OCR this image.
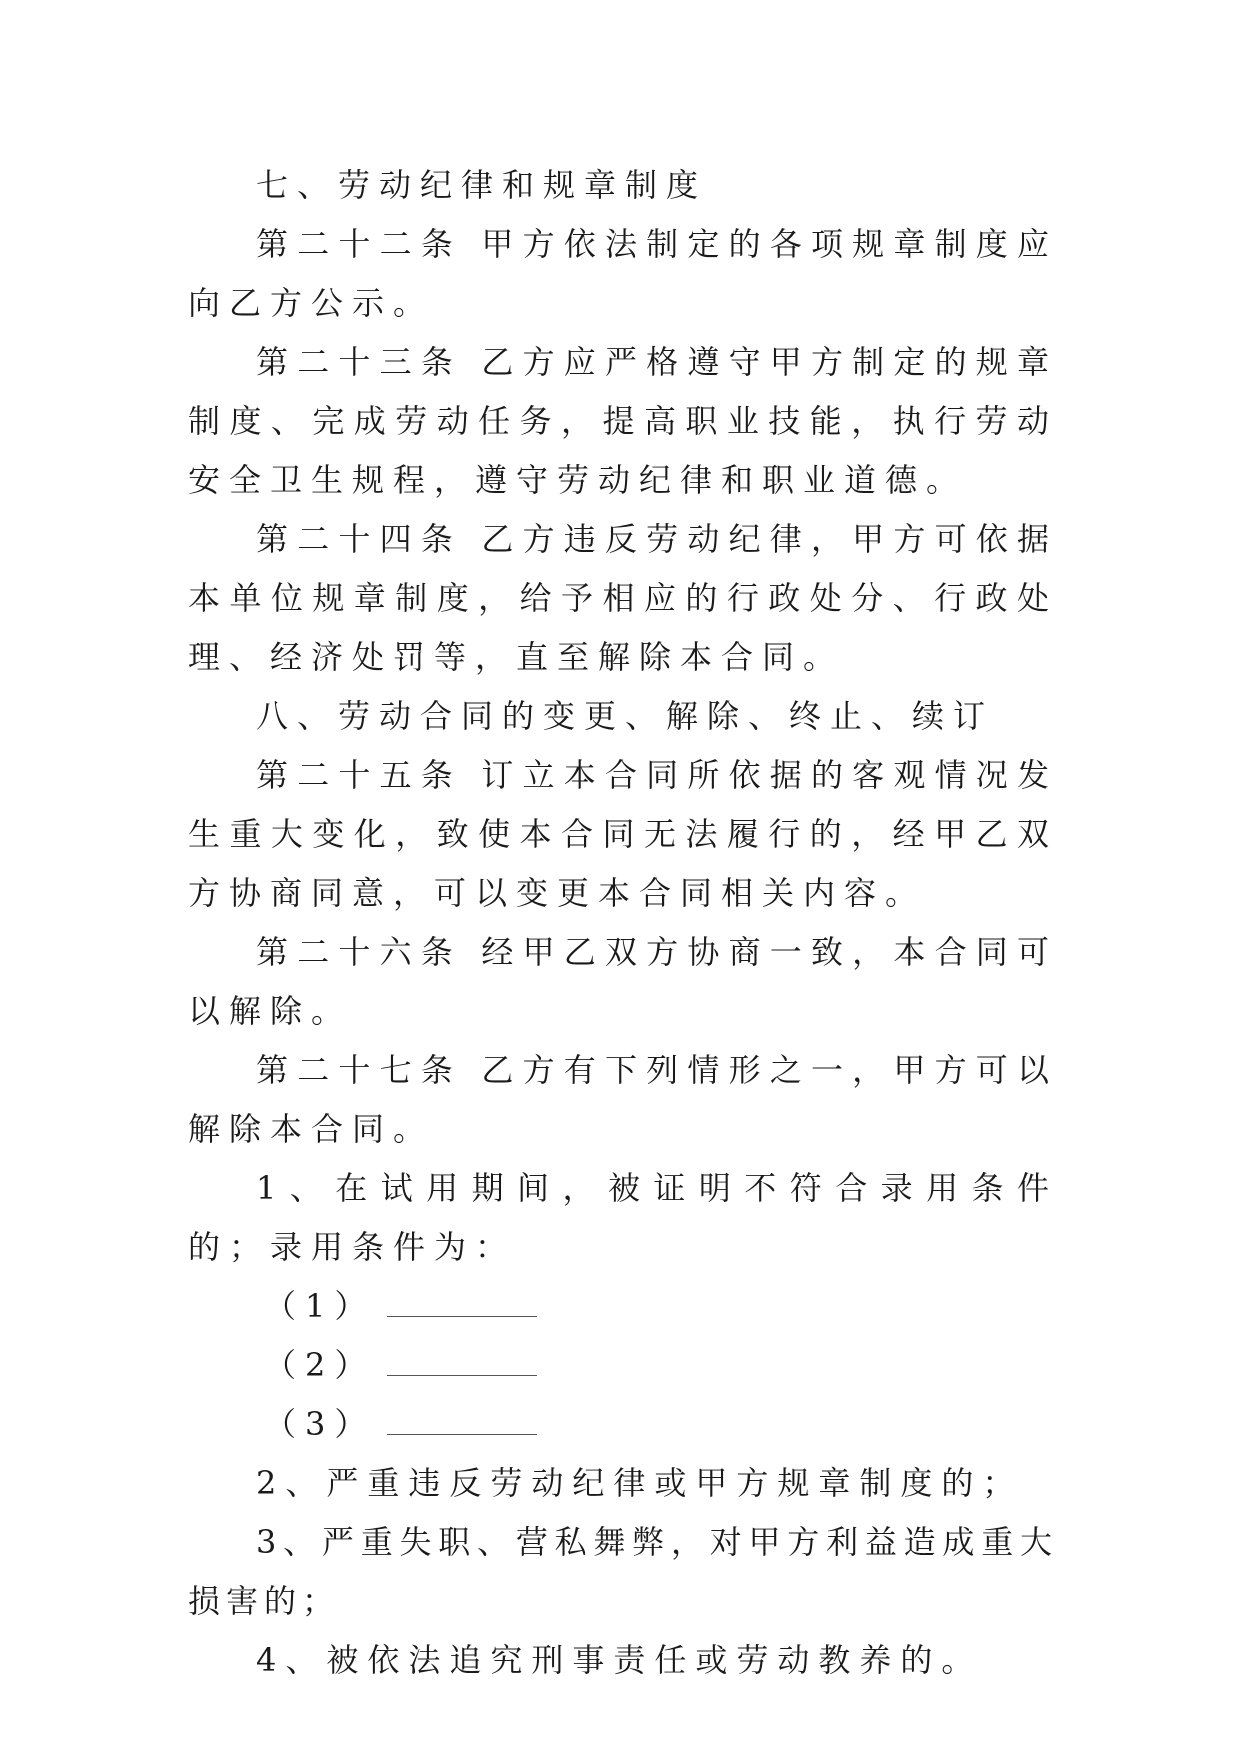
七、劳动纪律和规章制度

第二十二条 甲方依法制定的各项规章制度应向乙方公示。

第二十三条 乙方应严格遵守甲方制定的规章制度、完成劳动任务，提高职业技能，执行劳动安全卫生规程，遵守劳动纪律和职业道德。

第二十四条 乙方违反劳动纪律，甲方可依据本单位规章制度，给予相应的行政处分、行政处理、经济处罚等，直至解除本合同。

八、劳动合同的变更、解除、终止、续订

第二十五条 订立本合同所依据的客观情况发生重大变化，致使本合同无法履行的，经甲乙双方协商同意，可以变更本合同相关内容。

第二十六条 经甲乙双方协商一致，本合同可以解除。

第二十七条 乙方有下列情形之一，甲方可以解除本合同。

1、在试用期间，被证明不符合录用条件的；录用条件为：

（1）
（2）
（3）

2、严重违反劳动纪律或甲方规章制度的；

3、严重失职、营私舞弊，对甲方利益造成重大损害的；

4、被依法追究刑事责任或劳动教养的。
